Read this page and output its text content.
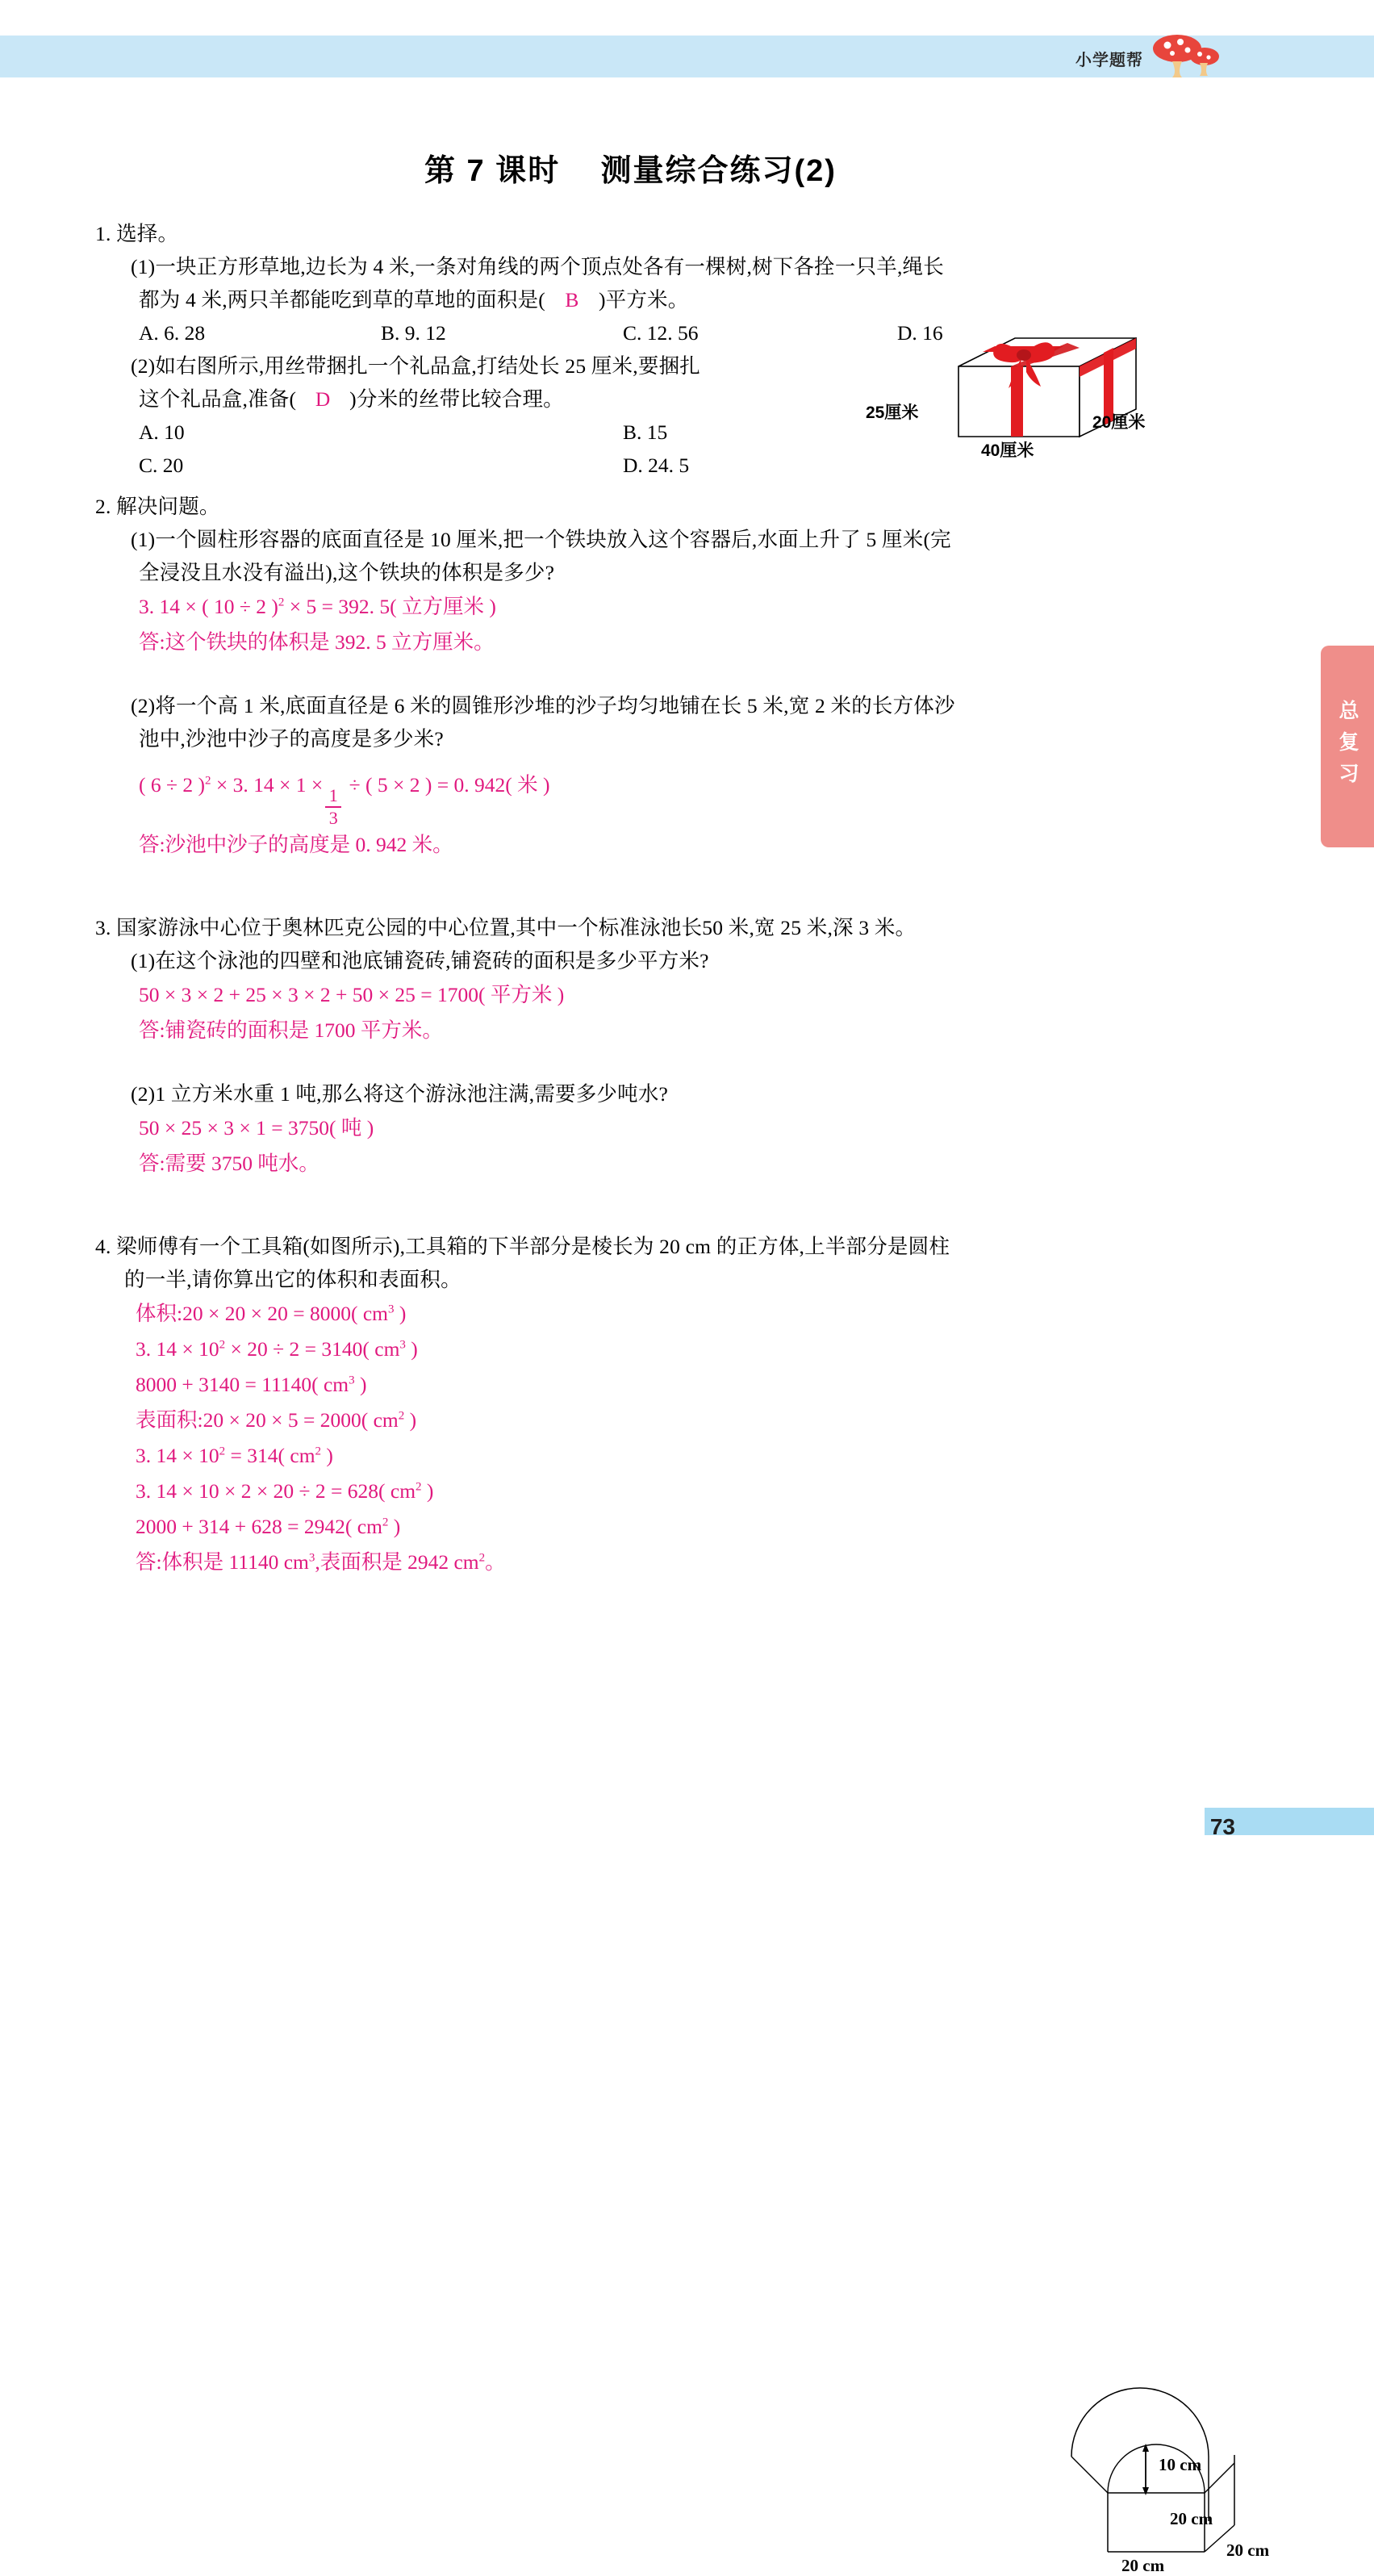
小学题帮
总复习
73
第 7 课时    测量综合练习(2)
1. 选择。
(1)一块正方形草地,边长为 4 米,一条对角线的两个顶点处各有一棵树,树下各拴一只羊,绳长
都为 4 米,两只羊都能吃到草的草地的面积是( B )平方米。
A. 6. 28	B. 9. 12	C. 12. 56	D. 16
(2)如右图所示,用丝带捆扎一个礼品盒,打结处长 25 厘米,要捆扎
这个礼品盒,准备( D )分米的丝带比较合理。
A. 10	B. 15
C. 20	D. 24. 5
25厘米
40厘米
20厘米
2. 解决问题。
(1)一个圆柱形容器的底面直径是 10 厘米,把一个铁块放入这个容器后,水面上升了 5 厘米(完
全浸没且水没有溢出),这个铁块的体积是多少?
3. 14 × ( 10 ÷ 2 )$^2$ × 5 = 392. 5( 立方厘米 )
答:这个铁块的体积是 392. 5 立方厘米。
(2)将一个高 1 米,底面直径是 6 米的圆锥形沙堆的沙子均匀地铺在长 5 米,宽 2 米的长方体沙
池中,沙池中沙子的高度是多少米?
( 6 ÷ 2 )$^2$ × 3. 14 × 1 ×
$\frac{1}{3}$
÷ ( 5 × 2 ) = 0. 942( 米 )
答:沙池中沙子的高度是 0. 942 米。
3. 国家游泳中心位于奥林匹克公园的中心位置,其中一个标准泳池长50 米,宽 25 米,深 3 米。
(1)在这个泳池的四壁和池底铺瓷砖,铺瓷砖的面积是多少平方米?
50 × 3 × 2 + 25 × 3 × 2 + 50 × 25 = 1700( 平方米 )
答:铺瓷砖的面积是 1700 平方米。
(2)1 立方米水重 1 吨,那么将这个游泳池注满,需要多少吨水?
50 × 25 × 3 × 1 = 3750( 吨 )
答:需要 3750 吨水。
4. 梁师傅有一个工具箱(如图所示),工具箱的下半部分是棱长为 20 cm 的正方体,上半部分是圆柱
的一半,请你算出它的体积和表面积。
体积:20 × 20 × 20 = 8000( $cm^3$ )
3. $14 \times 10^2 \times 20 \div 2 = 3140$( $cm^3$ )
8000 + 3140 = 11140( $cm^3$ )
表面积:20 × 20 × 5 = 2000( $cm^2$ )
3. $14 \times 10^2 = 314$( $cm^2$ )
3. 14 × 10 × 2 × 20 ÷ 2 = 628( $cm^2$ )
2000 + 314 + 628 = 2942( $cm^2$ )
答:体积是 11140 $cm^3$,表面积是 2942 $cm^2$。
10 cm
20 cm
20 cm
20 cm
